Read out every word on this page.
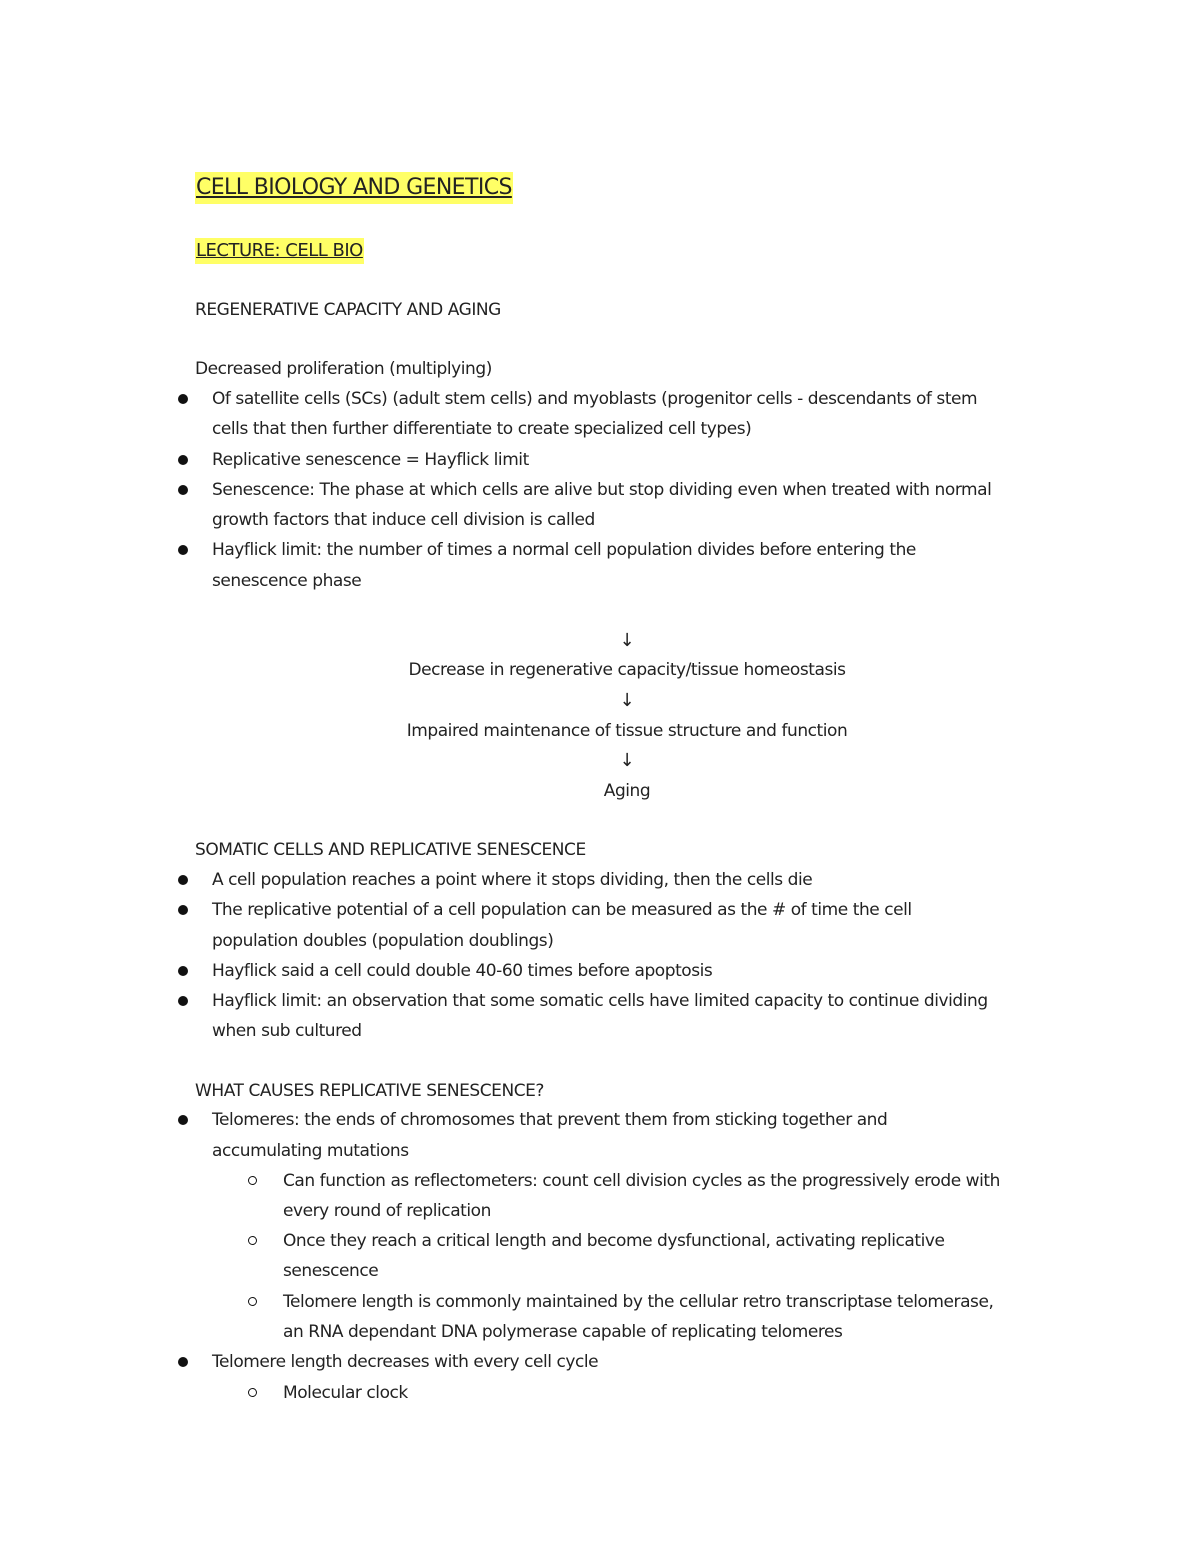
CELL BIOLOGY AND GENETICS
LECTURE: CELL BIO
REGENERATIVE CAPACITY AND AGING
Decreased proliferation (multiplying)
Of satellite cells (SCs) (adult stem cells) and myoblasts (progenitor cells - descendants of stem
cells that then further differentiate to create specialized cell types)
Replicative senescence = Hayflick limit
Senescence: The phase at which cells are alive but stop dividing even when treated with normal
growth factors that induce cell division is called
Hayflick limit: the number of times a normal cell population divides before entering the
senescence phase
↓
Decrease in regenerative capacity/tissue homeostasis
↓
Impaired maintenance of tissue structure and function
↓
Aging
SOMATIC CELLS AND REPLICATIVE SENESCENCE
A cell population reaches a point where it stops dividing, then the cells die
The replicative potential of a cell population can be measured as the # of time the cell
population doubles (population doublings)
Hayflick said a cell could double 40-60 times before apoptosis
Hayflick limit: an observation that some somatic cells have limited capacity to continue dividing
when sub cultured
WHAT CAUSES REPLICATIVE SENESCENCE?
Telomeres: the ends of chromosomes that prevent them from sticking together and
accumulating mutations
Can function as reflectometers: count cell division cycles as the progressively erode with
every round of replication
Once they reach a critical length and become dysfunctional, activating replicative
senescence
Telomere length is commonly maintained by the cellular retro transcriptase telomerase,
an RNA dependant DNA polymerase capable of replicating telomeres
Telomere length decreases with every cell cycle
Molecular clock
